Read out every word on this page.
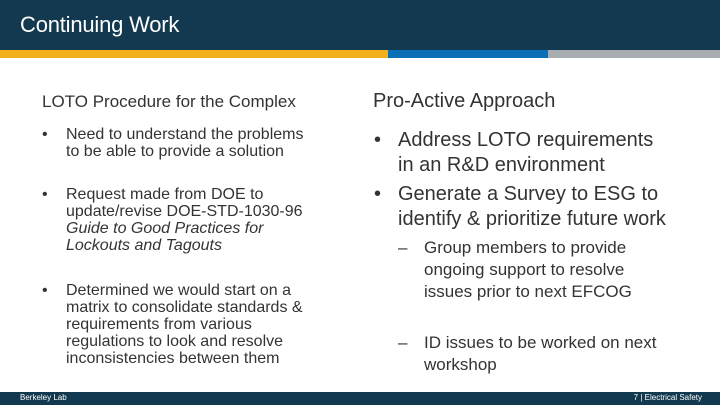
Continuing Work
LOTO Procedure for the Complex
• Need to understand the problems
to be able to provide a solution
• Request made from DOE to
update/revise DOE-STD-1030-96
Guide to Good Practices for
Lockouts and Tagouts
• Determined we would start on a
matrix to consolidate standards &
requirements from various
regulations to look and resolve
inconsistencies between them
Pro-Active Approach
• Address LOTO requirements
in an R&D environment
• Generate a Survey to ESG to
identify & prioritize future work
– Group members to provide
ongoing support to resolve
issues prior to next EFCOG
– ID issues to be worked on next
workshop
Berkeley Lab	7 | Electrical Safety
